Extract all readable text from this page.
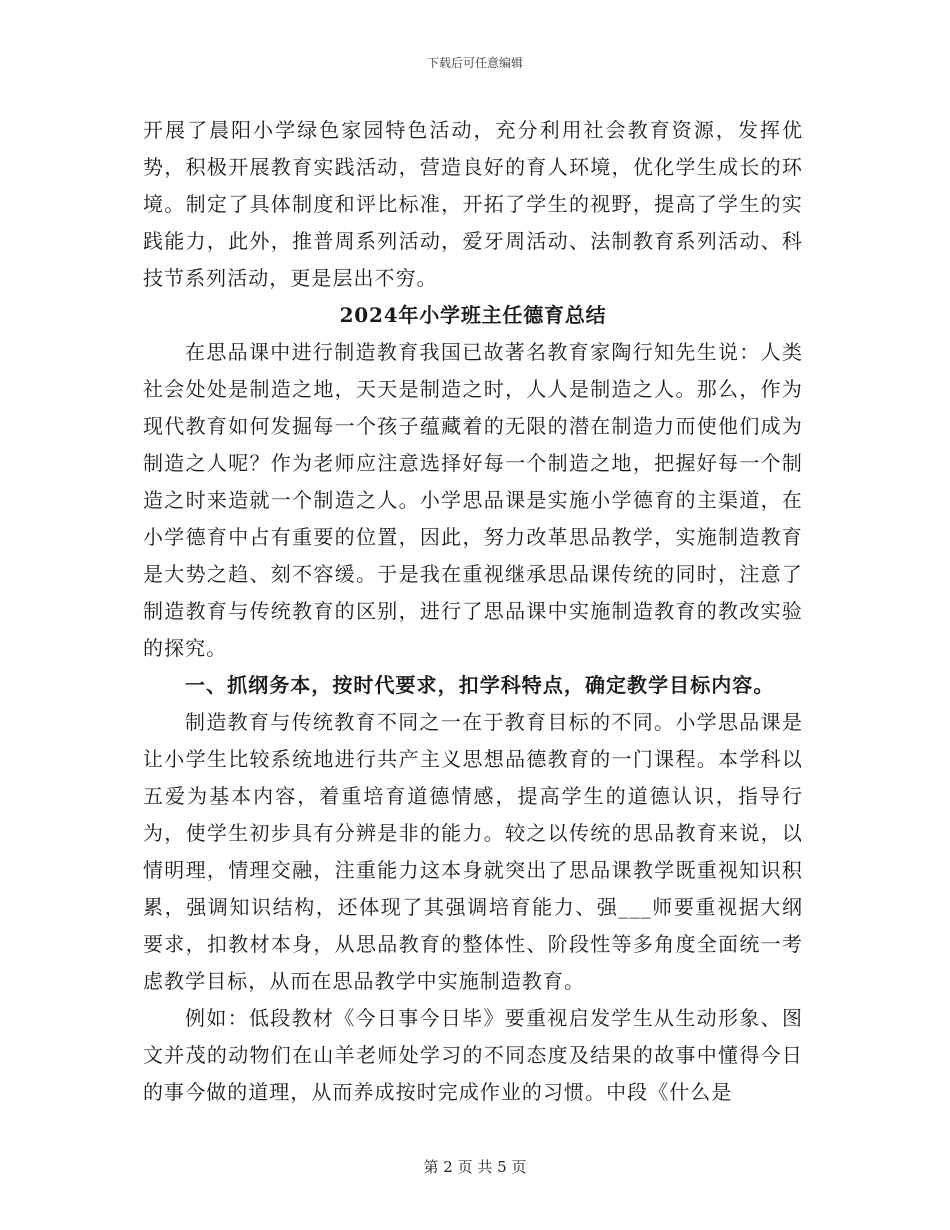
下载后可任意编辑

开展了晨阳小学绿色家园特色活动，充分利用社会教育资源，发挥优势，积极开展教育实践活动，营造良好的育人环境，优化学生成长的环境。制定了具体制度和评比标准，开拓了学生的视野，提高了学生的实践能力，此外，推普周系列活动，爱牙周活动、法制教育系列活动、科技节系列活动，更是层出不穷。

2024年小学班主任德育总结

在思品课中进行制造教育我国已故著名教育家陶行知先生说：人类社会处处是制造之地，天天是制造之时，人人是制造之人。那么，作为现代教育如何发掘每一个孩子蕴藏着的无限的潜在制造力而使他们成为制造之人呢？作为老师应注意选择好每一个制造之地，把握好每一个制造之时来造就一个制造之人。小学思品课是实施小学德育的主渠道，在小学德育中占有重要的位置，因此，努力改革思品教学，实施制造教育是大势之趋、刻不容缓。于是我在重视继承思品课传统的同时，注意了制造教育与传统教育的区别，进行了思品课中实施制造教育的教改实验的探究。

一、抓纲务本，按时代要求，扣学科特点，确定教学目标内容。

制造教育与传统教育不同之一在于教育目标的不同。小学思品课是让小学生比较系统地进行共产主义思想品德教育的一门课程。本学科以五爱为基本内容，着重培育道德情感，提高学生的道德认识，指导行为，使学生初步具有分辨是非的能力。较之以传统的思品教育来说，以情明理，情理交融，注重能力这本身就突出了思品课教学既重视知识积累，强调知识结构，还体现了其强调培育能力、强___师要重视据大纲要求，扣教材本身，从思品教育的整体性、阶段性等多角度全面统一考虑教学目标，从而在思品教学中实施制造教育。

例如：低段教材《今日事今日毕》要重视启发学生从生动形象、图文并茂的动物们在山羊老师处学习的不同态度及结果的故事中懂得今日的事今做的道理，从而养成按时完成作业的习惯。中段《什么是

第 2 页 共 5 页
